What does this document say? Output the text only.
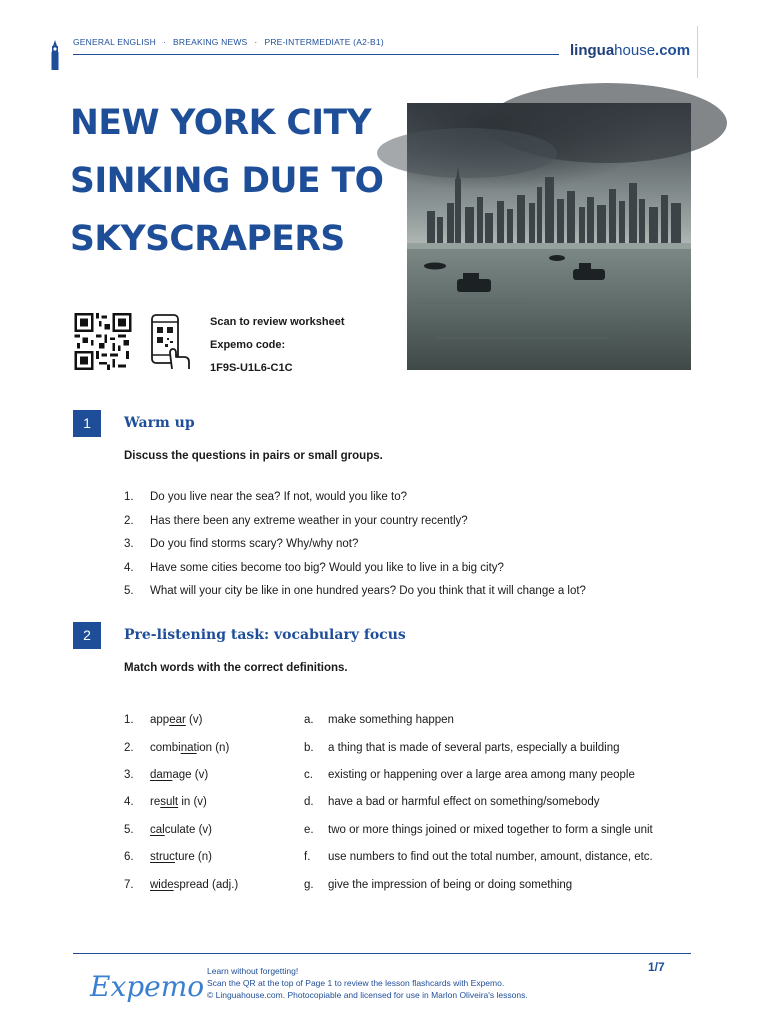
GENERAL ENGLISH · BREAKING NEWS · PRE-INTERMEDIATE (A2-B1)	linguahouse.com
NEW YORK CITY
SINKING DUE TO
SKYSCRAPERS
Scan to review worksheet
Expemo code:
1F9S-U1L6-C1C
1	Warm up
Discuss the questions in pairs or small groups.
1. Do you live near the sea? If not, would you like to?
2. Has there been any extreme weather in your country recently?
3. Do you find storms scary? Why/why not?
4. Have some cities become too big? Would you like to live in a big city?
5. What will your city be like in one hundred years? Do you think that it will change a lot?
2	Pre-listening task: vocabulary focus
Match words with the correct definitions.
1. appear (v)	a. make something happen
2. combination (n)	b. a thing that is made of several parts, especially a building
3. damage (v)	c. existing or happening over a large area among many people
4. result in (v)	d. have a bad or harmful effect on something/somebody
5. calculate (v)	e. two or more things joined or mixed together to form a single unit
6. structure (n)	f. use numbers to find out the total number, amount, distance, etc.
7. widespread (adj.)	g. give the impression of being or doing something
Expemo Learn without forgetting!
Scan the QR at the top of Page 1 to review the lesson flashcards with Expemo.
© Linguahouse.com. Photocopiable and licensed for use in Marlon Oliveira's lessons.
1/7
